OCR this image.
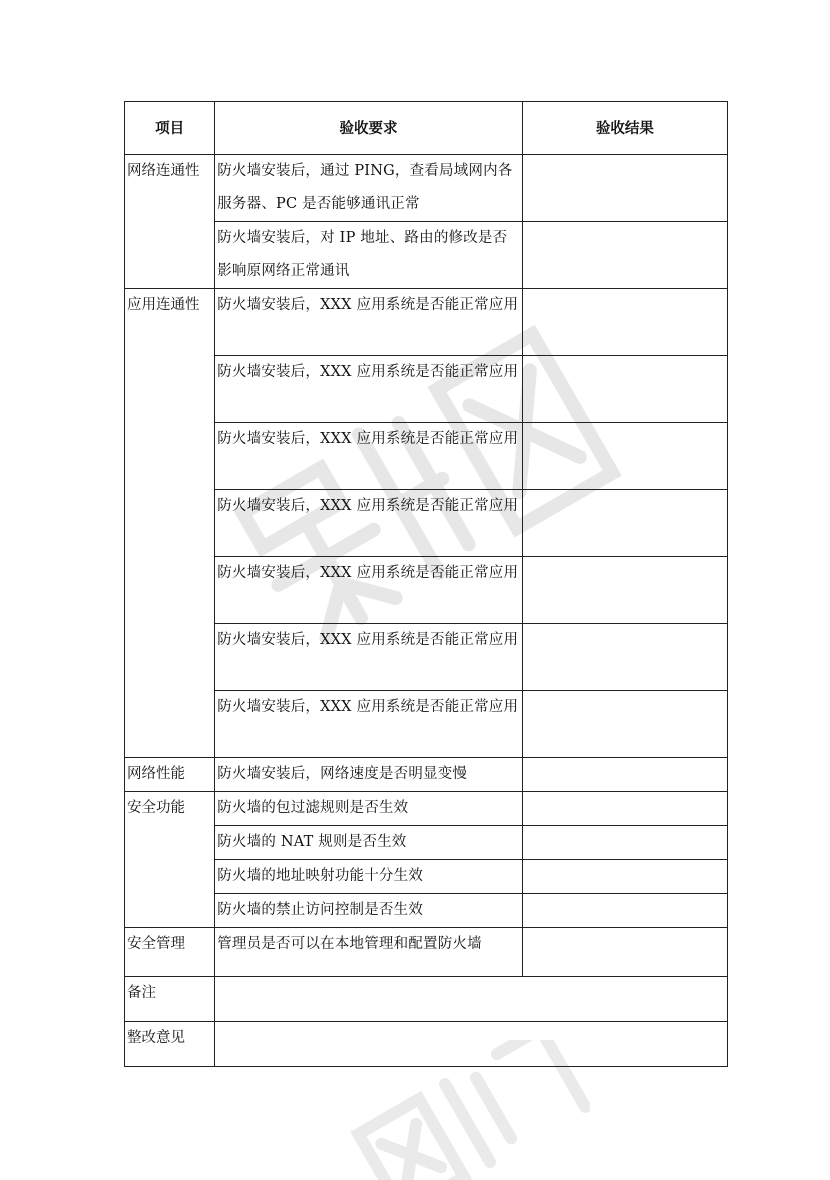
项目	验收要求	验收结果
网络连通性	防火墙安装后，通过 PING，查看局域网内各服务器、PC 是否能够通讯正常	
	防火墙安装后，对 IP 地址、路由的修改是否影响原网络正常通讯	
应用连通性	防火墙安装后，XXX 应用系统是否能正常应用	
	防火墙安装后，XXX 应用系统是否能正常应用	
	防火墙安装后，XXX 应用系统是否能正常应用	
	防火墙安装后，XXX 应用系统是否能正常应用	
	防火墙安装后，XXX 应用系统是否能正常应用	
	防火墙安装后，XXX 应用系统是否能正常应用	
	防火墙安装后，XXX 应用系统是否能正常应用	
网络性能	防火墙安装后，网络速度是否明显变慢	
安全功能	防火墙的包过滤规则是否生效	
	防火墙的 NAT 规则是否生效	
	防火墙的地址映射功能十分生效	
	防火墙的禁止访问控制是否生效	
安全管理	管理员是否可以在本地管理和配置防火墙	
备注		
整改意见		
